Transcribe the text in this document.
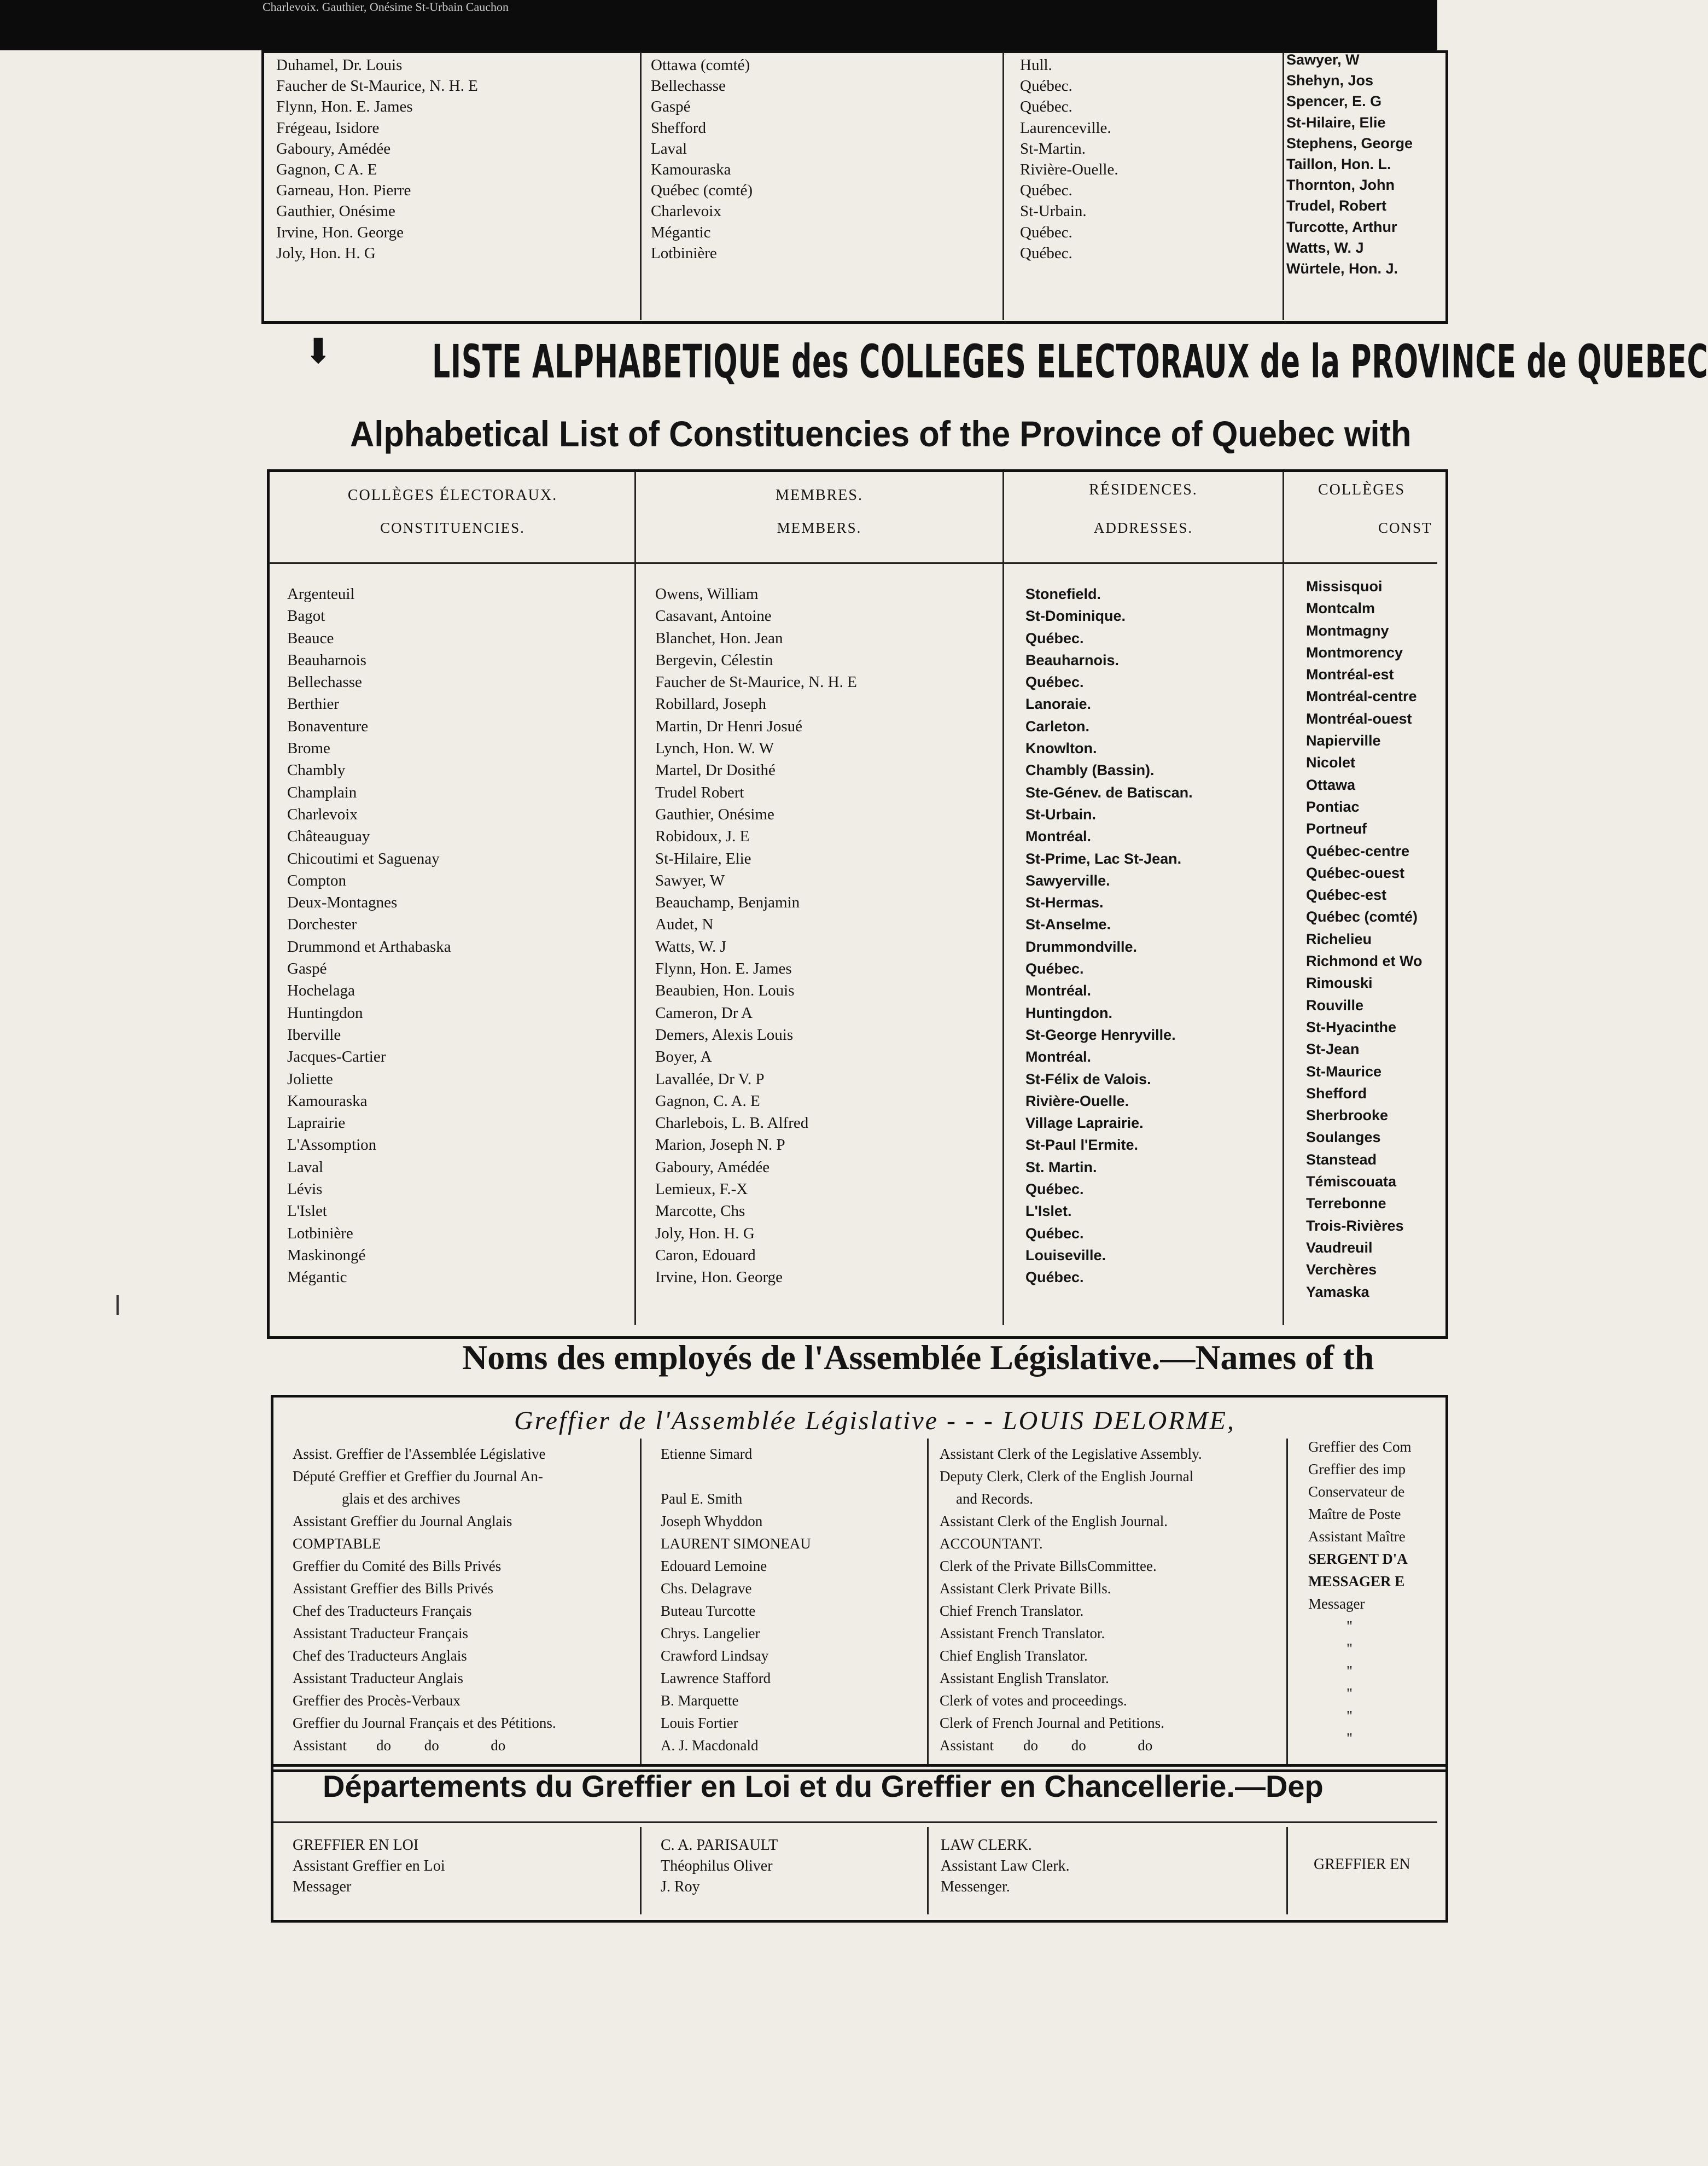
Charlevoix. Gauthier, Onésime St-Urbain Cauchon
Duhamel, Dr. Louis
Faucher de St-Maurice, N. H. E
Flynn, Hon. E. James
Frégeau, Isidore
Gaboury, Amédée
Gagnon, C A. E
Garneau, Hon. Pierre
Gauthier, Onésime
Irvine, Hon. George
Joly, Hon. H. G
Ottawa (comté)
Bellechasse
Gaspé
Shefford
Laval
Kamouraska
Québec (comté)
Charlevoix
Mégantic
Lotbinière
Hull.
Québec.
Québec.
Laurenceville.
St-Martin.
Rivière-Ouelle.
Québec.
St-Urbain.
Québec.
Québec.
Sawyer, W
Shehyn, Jos
Spencer, E. G
St-Hilaire, Elie
Stephens, George
Taillon, Hon. L.
Thornton, John
Trudel, Robert
Turcotte, Arthur
Watts, W. J
Würtele, Hon. J.
⬇ LISTE ALPHABETIQUE des COLLEGES ELECTORAUX de la PROVINCE de QUEBEC
Alphabetical List of Constituencies of the Province of Quebec with
COLLÈGES ÉLECTORAUX.
CONSTITUENCIES.
MEMBRES.
MEMBERS.
RÉSIDENCES.
ADDRESSES.
COLLÈGES
CONST
Argenteuil
Bagot
Beauce
Beauharnois
Bellechasse
Berthier
Bonaventure
Brome
Chambly
Champlain
Charlevoix
Châteauguay
Chicoutimi et Saguenay
Compton
Deux-Montagnes
Dorchester
Drummond et Arthabaska
Gaspé
Hochelaga
Huntingdon
Iberville
Jacques-Cartier
Joliette
Kamouraska
Laprairie
L'Assomption
Laval
Lévis
L'Islet
Lotbinière
Maskinongé
Mégantic
Owens, William
Casavant, Antoine
Blanchet, Hon. Jean
Bergevin, Célestin
Faucher de St-Maurice, N. H. E
Robillard, Joseph
Martin, Dr Henri Josué
Lynch, Hon. W. W
Martel, Dr Dosithé
Trudel Robert
Gauthier, Onésime
Robidoux, J. E
St-Hilaire, Elie
Sawyer, W
Beauchamp, Benjamin
Audet, N
Watts, W. J
Flynn, Hon. E. James
Beaubien, Hon. Louis
Cameron, Dr A
Demers, Alexis Louis
Boyer, A
Lavallée, Dr V. P
Gagnon, C. A. E
Charlebois, L. B. Alfred
Marion, Joseph N. P
Gaboury, Amédée
Lemieux, F.-X
Marcotte, Chs
Joly, Hon. H. G
Caron, Edouard
Irvine, Hon. George
Stonefield.
St-Dominique.
Québec.
Beauharnois.
Québec.
Lanoraie.
Carleton.
Knowlton.
Chambly (Bassin).
Ste-Génev. de Batiscan.
St-Urbain.
Montréal.
St-Prime, Lac St-Jean.
Sawyerville.
St-Hermas.
St-Anselme.
Drummondville.
Québec.
Montréal.
Huntingdon.
St-George Henryville.
Montréal.
St-Félix de Valois.
Rivière-Ouelle.
Village Laprairie.
St-Paul l'Ermite.
St. Martin.
Québec.
L'Islet.
Québec.
Louiseville.
Québec.
Missisquoi
Montcalm
Montmagny
Montmorency
Montréal-est
Montréal-centre
Montréal-ouest
Napierville
Nicolet
Ottawa
Pontiac
Portneuf
Québec-centre
Québec-ouest
Québec-est
Québec (comté)
Richelieu
Richmond et Wo
Rimouski
Rouville
St-Hyacinthe
St-Jean
St-Maurice
Shefford
Sherbrooke
Soulanges
Stanstead
Témiscouata
Terrebonne
Trois-Rivières
Vaudreuil
Verchères
Yamaska
Noms des employés de l'Assemblée Législative.—Names of th
Greffier de l'Assemblée Législative - - - LOUIS DELORME,
Assist. Greffier de l'Assemblée Législative
Député Greffier et Greffier du Journal An-
glais et des archives
Assistant Greffier du Journal Anglais
COMPTABLE
Greffier du Comité des Bills Privés
Assistant Greffier des Bills Privés
Chef des Traducteurs Français
Assistant Traducteur Français
Chef des Traducteurs Anglais
Assistant Traducteur Anglais
Greffier des Procès-Verbaux
Greffier du Journal Français et des Pétitions.
Assistant        do         do              do
Etienne Simard
Paul E. Smith
Joseph Whyddon
LAURENT SIMONEAU
Edouard Lemoine
Chs. Delagrave
Buteau Turcotte
Chrys. Langelier
Crawford Lindsay
Lawrence Stafford
B. Marquette
Louis Fortier
A. J. Macdonald
Assistant Clerk of the Legislative Assembly.
Deputy Clerk, Clerk of the English Journal
and Records.
Assistant Clerk of the English Journal.
ACCOUNTANT.
Clerk of the Private BillsCommittee.
Assistant Clerk Private Bills.
Chief French Translator.
Assistant French Translator.
Chief English Translator.
Assistant English Translator.
Clerk of votes and proceedings.
Clerk of French Journal and Petitions.
Assistant        do         do              do
Greffier des Com
Greffier des imp
Conservateur de
Maître de Poste
Assistant Maître
SERGENT D'A
MESSAGER E
Messager
"
"
"
"
"
"
Départements du Greffier en Loi et du Greffier en Chancellerie.—Dep
GREFFIER EN LOI
Assistant Greffier en Loi
Messager
C. A. PARISAULT
Théophilus Oliver
J. Roy
LAW CLERK.
Assistant Law Clerk.
Messenger.
GREFFIER EN
